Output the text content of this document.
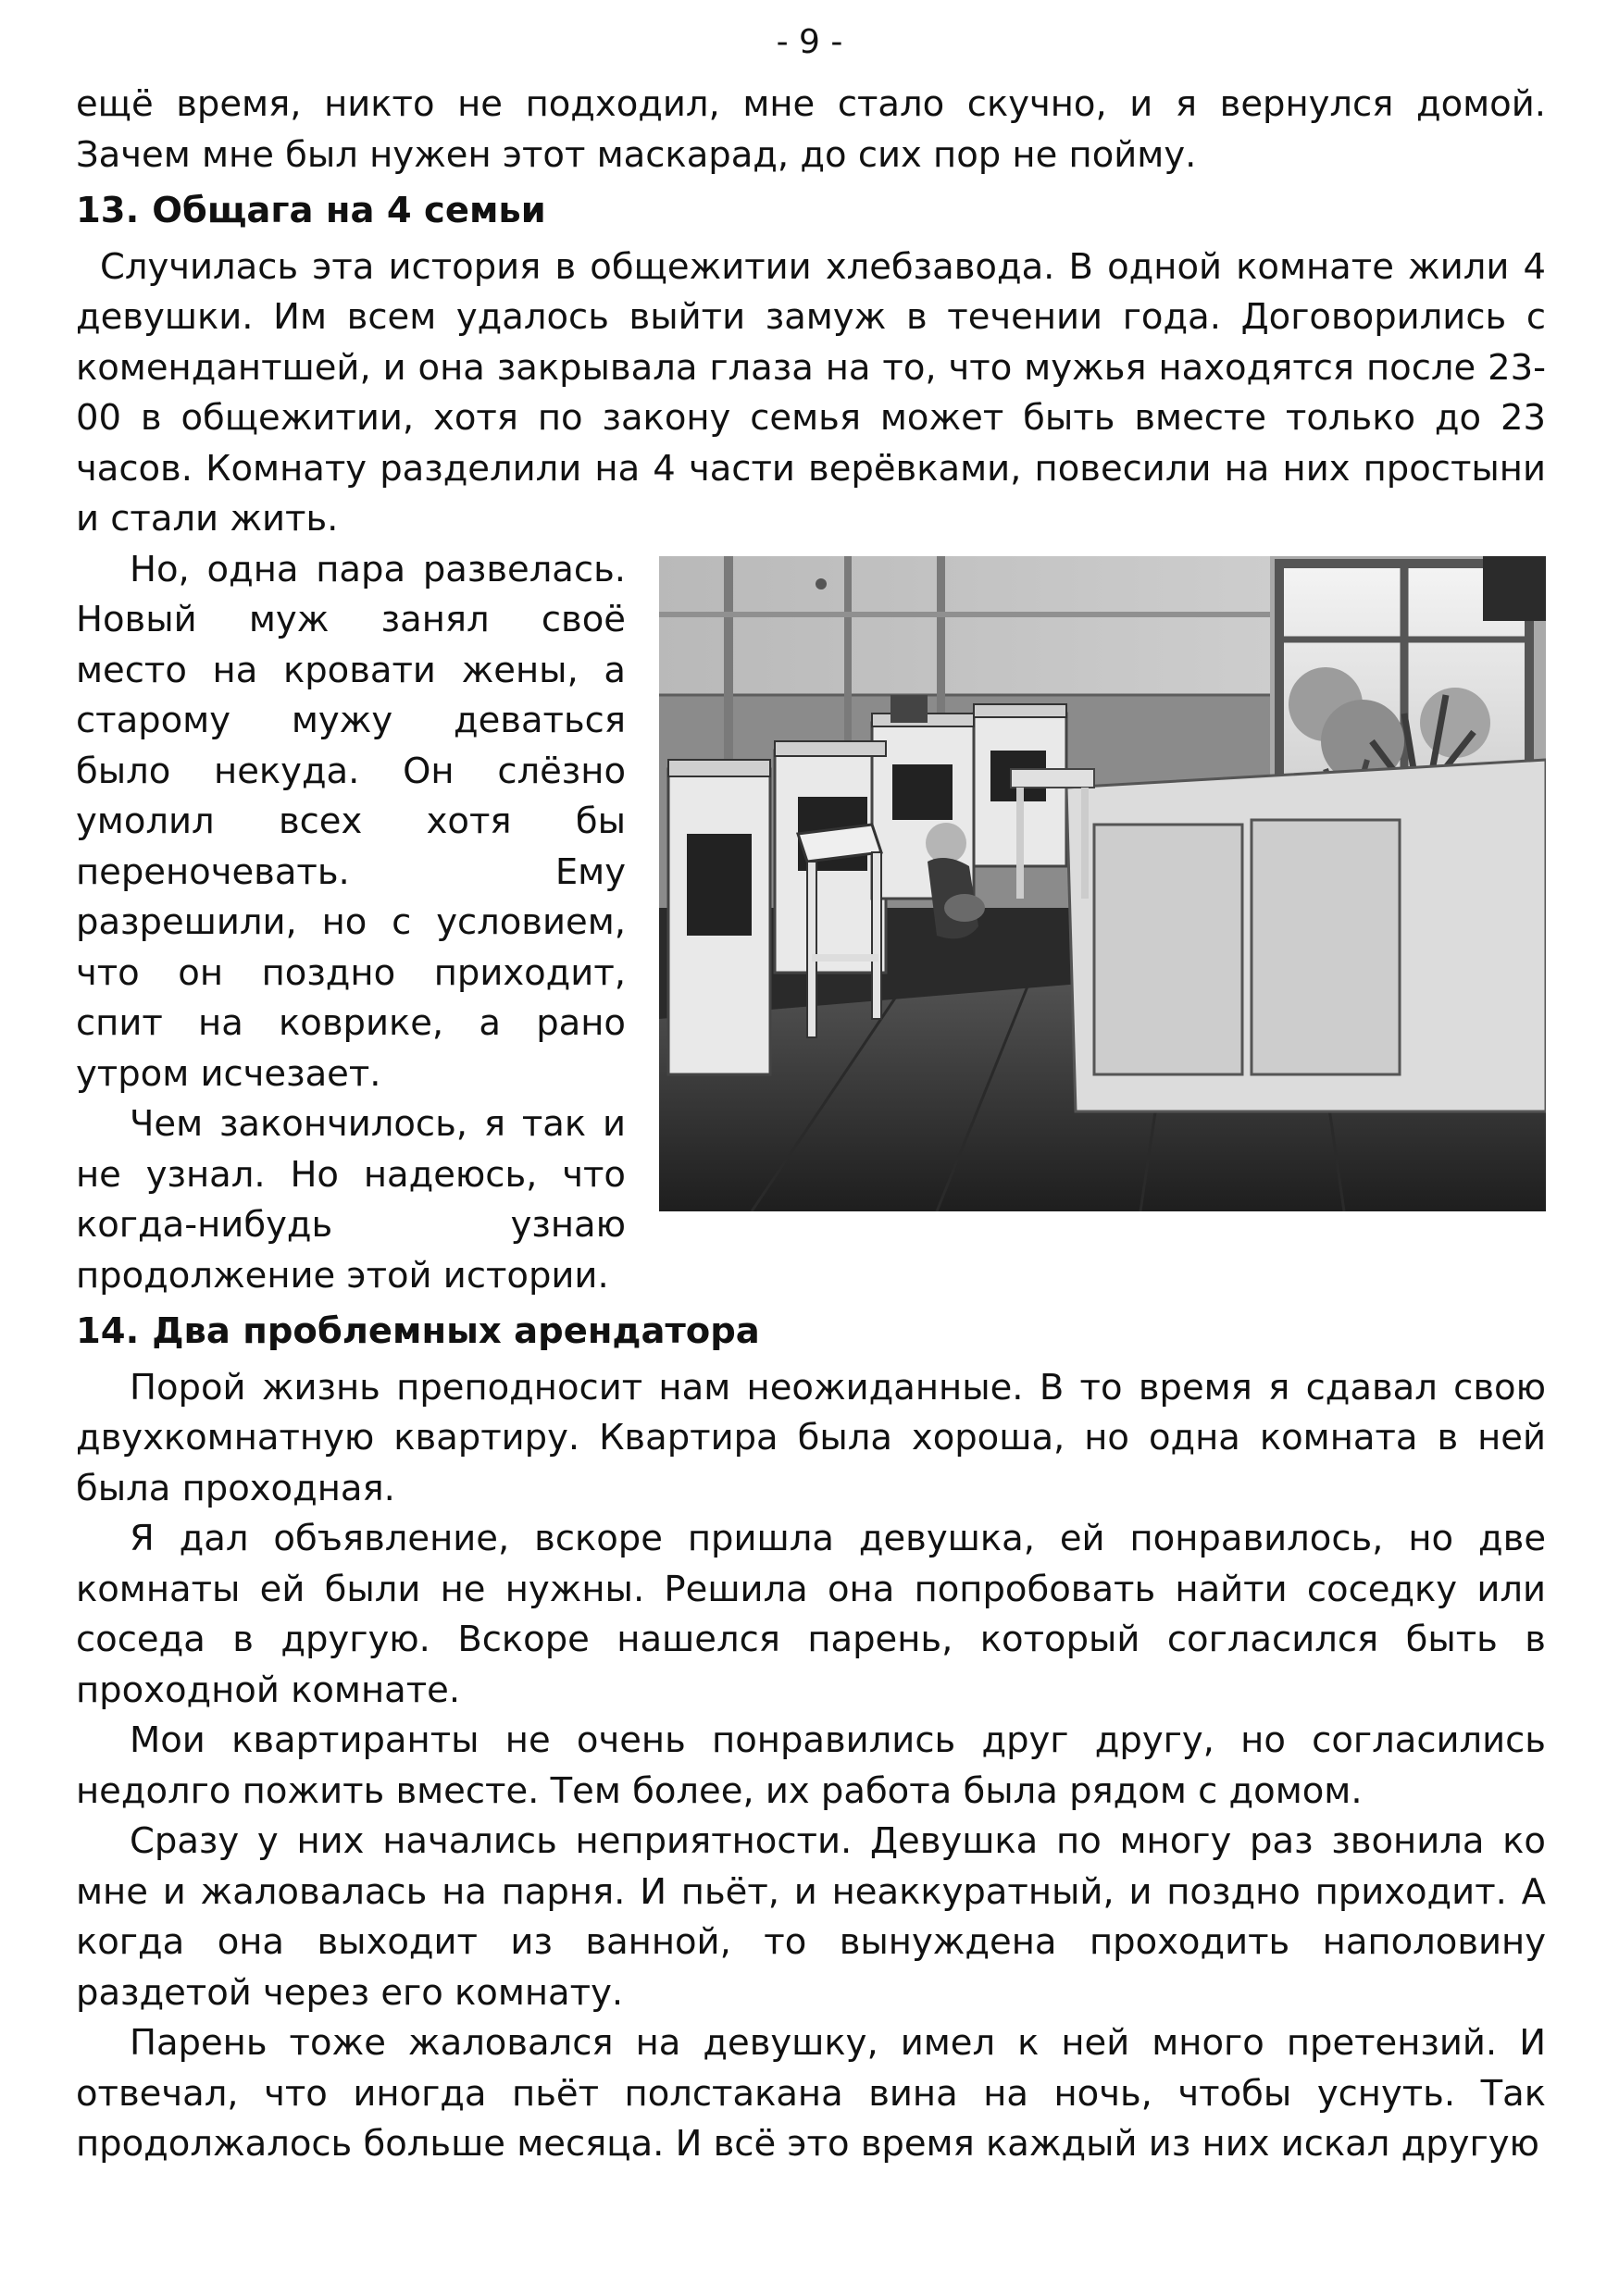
- 9 -

ещё время, никто не подходил, мне стало скучно, и я вернулся домой. Зачем мне был нужен этот маскарад, до сих пор не пойму.

13. Общага на 4 семьи

Случилась эта история в общежитии хлебзавода. В одной комнате жили 4 девушки. Им всем удалось выйти замуж в течении года. Договорились с комендантшей, и она закрывала глаза на то, что мужья находятся после 23-00 в общежитии, хотя по закону семья может быть вместе только до 23 часов. Комнату разделили на 4 части верёвками, повесили на них простыни и стали жить.

Но, одна пара развелась. Новый муж занял своё место на кровати жены, а старому мужу деваться было некуда. Он слёзно умолил всех хотя бы переночевать. Ему разрешили, но с условием, что он поздно приходит, спит на коврике, а рано утром исчезает.

Чем закончилось, я так и не узнал. Но надеюсь, что когда-нибудь узнаю продолжение этой истории.

14. Два проблемных арендатора

Порой жизнь преподносит нам неожиданные. В то время я сдавал свою двухкомнатную квартиру. Квартира была хороша, но одна комната в ней была проходная.

Я дал объявление, вскоре пришла девушка, ей понравилось, но две комнаты ей были не нужны. Решила она попробовать найти соседку или соседа в другую. Вскоре нашелся парень, который согласился быть в проходной комнате.

Мои квартиранты не очень понравились друг другу, но согласились недолго пожить вместе. Тем более, их работа была рядом с домом.

Сразу у них начались неприятности. Девушка по многу раз звонила ко мне и жаловалась на парня. И пьёт, и неаккуратный, и поздно приходит. А когда она выходит из ванной, то вынуждена проходить наполовину раздетой через его комнату.

Парень тоже жаловался на девушку, имел к ней много претензий. И отвечал, что иногда пьёт полстакана вина на ночь, чтобы уснуть. Так продолжалось больше месяца. И всё это время каждый из них искал другую
